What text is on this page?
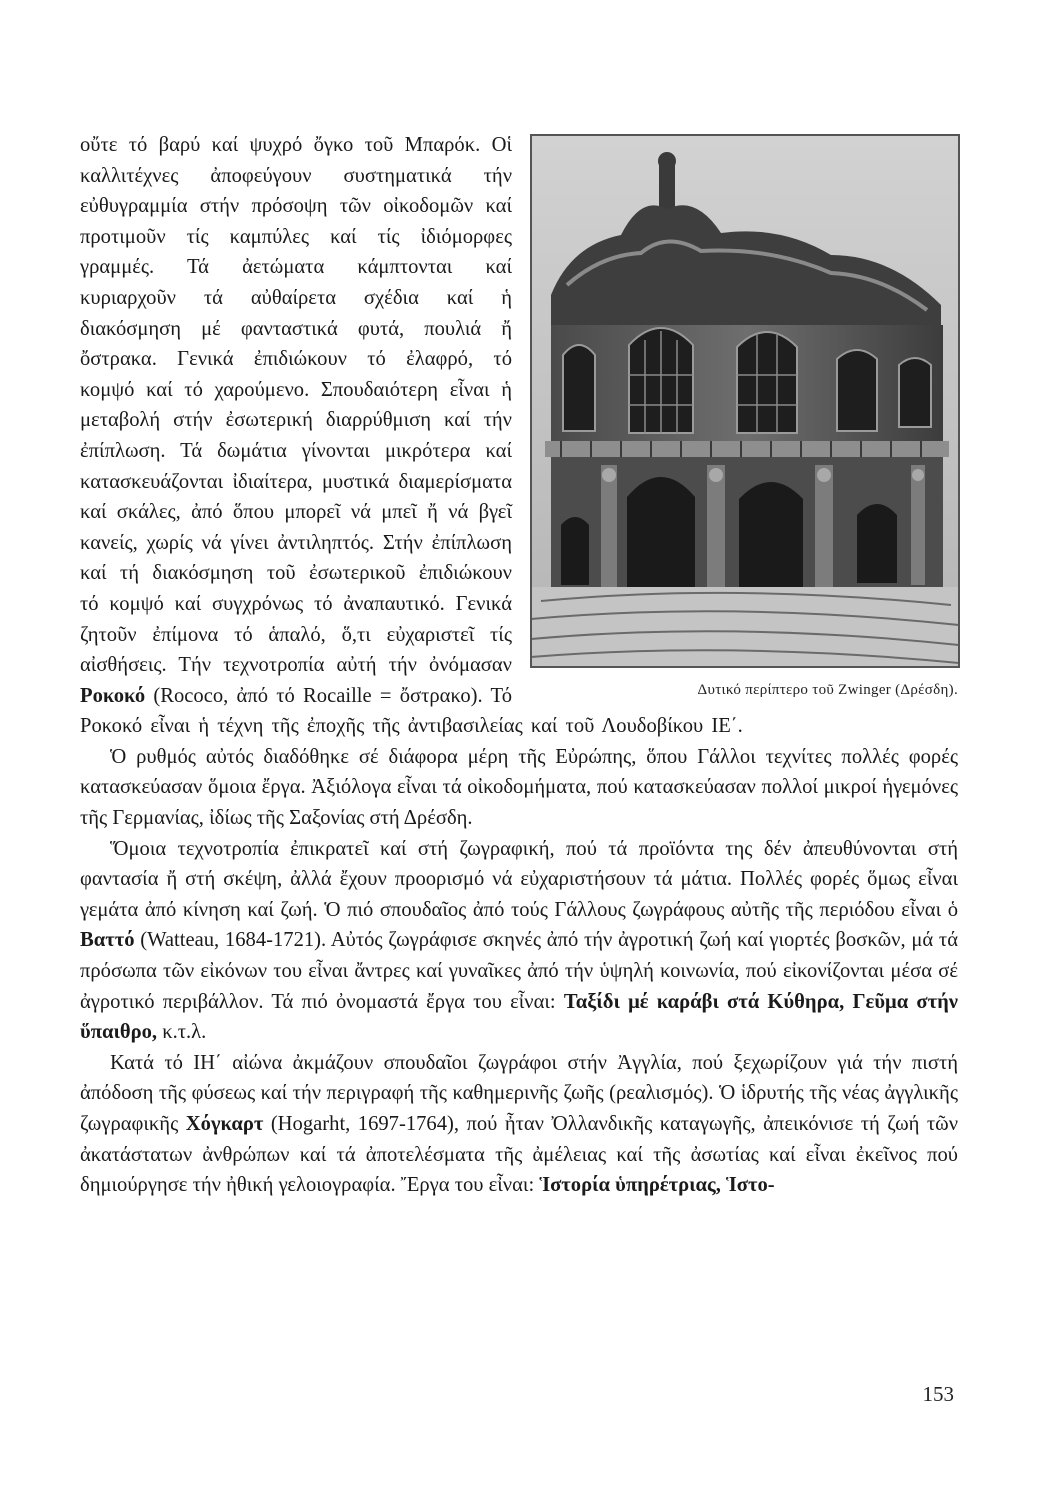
Δυτικό περίπτερο τοῦ Zwinger (Δρέσδη).

οὔτε τό βαρύ καί ψυχρό ὄγκο τοῦ Μπαρόκ. Οἱ καλλιτέχνες ἀποφεύγουν συστηματικά τήν εὐθυγραμμία στήν πρόσοψη τῶν οἰκοδομῶν καί προτιμοῦν τίς καμπύλες καί τίς ἰδιόμορφες γραμμές. Τά ἀετώματα κάμπτονται καί κυριαρχοῦν τά αὐθαίρετα σχέδια καί ἡ διακόσμηση μέ φανταστικά φυτά, πουλιά ἤ ὄστρακα. Γενικά ἐπιδιώκουν τό ἐλαφρό, τό κομψό καί τό χαρούμενο. Σπουδαιότερη εἶναι ἡ μεταβολή στήν ἐσωτερική διαρρύθμιση καί τήν ἐπίπλωση. Τά δωμάτια γίνονται μικρότερα καί κατασκευάζονται ἰδιαίτερα, μυστικά διαμερίσματα καί σκάλες, ἀπό ὅπου μπορεῖ νά μπεῖ ἤ νά βγεῖ κανείς, χωρίς νά γίνει ἀντιληπτός. Στήν ἐπίπλωση καί τή διακόσμηση τοῦ ἐσωτερικοῦ ἐπιδιώκουν τό κομψό καί συγχρόνως τό ἀναπαυτικό. Γενικά ζητοῦν ἐπίμονα τό ἁπαλό, ὅ,τι εὐχαριστεῖ τίς αἰσθήσεις. Τήν τεχνοτροπία αὐτή τήν ὀνόμασαν Ροκοκό (Rococo, ἀπό τό Rocaille = ὄστρακο). Τό Ροκοκό εἶναι ἡ τέχνη τῆς ἐποχῆς τῆς ἀντιβασιλείας καί τοῦ Λουδοβίκου ΙΕ΄.

Ὁ ρυθμός αὐτός διαδόθηκε σέ διάφορα μέρη τῆς Εὐρώπης, ὅπου Γάλλοι τεχνίτες πολλές φορές κατασκεύασαν ὅμοια ἔργα. Ἀξιόλογα εἶναι τά οἰκοδομήματα, πού κατασκεύασαν πολλοί μικροί ἡγεμόνες τῆς Γερμανίας, ἰδίως τῆς Σαξονίας στή Δρέσδη.

Ὅμοια τεχνοτροπία ἐπικρατεῖ καί στή ζωγραφική, πού τά προϊόντα της δέν ἀπευθύνονται στή φαντασία ἤ στή σκέψη, ἀλλά ἔχουν προορισμό νά εὐχαριστήσουν τά μάτια. Πολλές φορές ὅμως εἶναι γεμάτα ἀπό κίνηση καί ζωή. Ὁ πιό σπουδαῖος ἀπό τούς Γάλλους ζωγράφους αὐτῆς τῆς περιόδου εἶναι ὁ Βαττό (Watteau, 1684-1721). Αὐτός ζωγράφισε σκηνές ἀπό τήν ἀγροτική ζωή καί γιορτές βοσκῶν, μά τά πρόσωπα τῶν εἰκόνων του εἶναι ἄντρες καί γυναῖκες ἀπό τήν ὑψηλή κοινωνία, πού εἰκονίζονται μέσα σέ ἀγροτικό περιβάλλον. Τά πιό ὀνομαστά ἔργα του εἶναι: Ταξίδι μέ καράβι στά Κύθηρα, Γεῦμα στήν ὕπαιθρο, κ.τ.λ.

Κατά τό ΙΗ΄ αἰώνα ἀκμάζουν σπουδαῖοι ζωγράφοι στήν Ἀγγλία, πού ξεχωρίζουν γιά τήν πιστή ἀπόδοση τῆς φύσεως καί τήν περιγραφή τῆς καθημερινῆς ζωῆς (ρεαλισμός). Ὁ ἱδρυτής τῆς νέας ἀγγλικῆς ζωγραφικῆς Χόγκαρτ (Hogarht, 1697-1764), πού ἦταν Ὀλλανδικῆς καταγωγῆς, ἀπεικόνισε τή ζωή τῶν ἀκατάστατων ἀνθρώπων καί τά ἀποτελέσματα τῆς ἀμέλειας καί τῆς ἀσωτίας καί εἶναι ἐκεῖνος πού δημιούργησε τήν ἠθική γελοιογραφία. Ἔργα του εἶναι: Ἱστορία ὑπηρέτριας, Ἱστο-

153
